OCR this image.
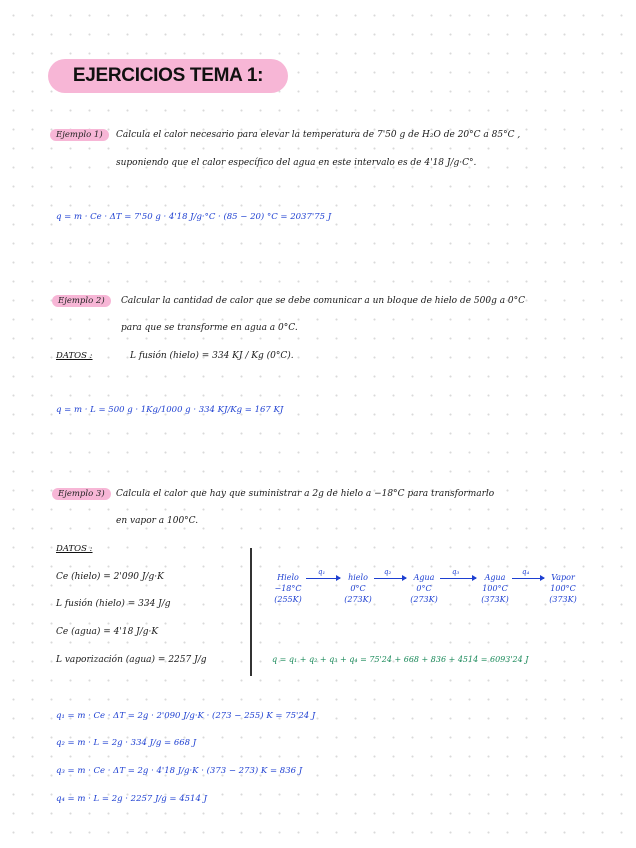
EJERCICIOS TEMA 1:
Ejemplo 1)	Calcula el calor necesario para elevar la temperatura de 7'50 g de H₂O de 20°C a 85°C ,
suponiendo que el calor específico del agua en este intervalo es de 4'18 J/g·C°.
q = m · Ce · ΔT = 7'50 g · 4'18 J/g·°C · (85 − 20) °C = 2037'75 J
Ejemplo 2)	Calcular la cantidad de calor que se debe comunicar a un bloque de hielo de 500g a 0°C
para que se transforme en agua a 0°C.
DATOS :	L fusión (hielo) = 334 KJ / Kg (0°C).
q = m · L = 500 g · 1Kg/1000 g · 334 KJ/Kg = 167 KJ
Ejemplo 3)	Calcula el calor que hay que suministrar a 2g de hielo a −18°C para transformarlo
en vapor a 100°C.
DATOS :
Ce (hielo) = 2'090 J/g·K
L fusión (hielo) = 334 J/g
Ce (agua) = 4'18 J/g·K
L vaporización (agua) = 2257 J/g
Hielo
−18°C
(255K)
hielo
0°C
(273K)
Agua
0°C
(273K)
Agua
100°C
(373K)
Vapor
100°C
(373K)
q₁	q₂	q₃	q₄
q = q₁ + q₂ + q₃ + q₄ = 75'24 + 668 + 836 + 4514 = 6093'24 J
q₁ = m · Ce · ΔT = 2g · 2'090 J/g·K · (273 − 255) K = 75'24 J
q₂ = m · L = 2g · 334 J/g = 668 J
q₃ = m · Ce · ΔT = 2g · 4'18 J/g·K · (373 − 273) K = 836 J
q₄ = m · L = 2g · 2257 J/g = 4514 J
